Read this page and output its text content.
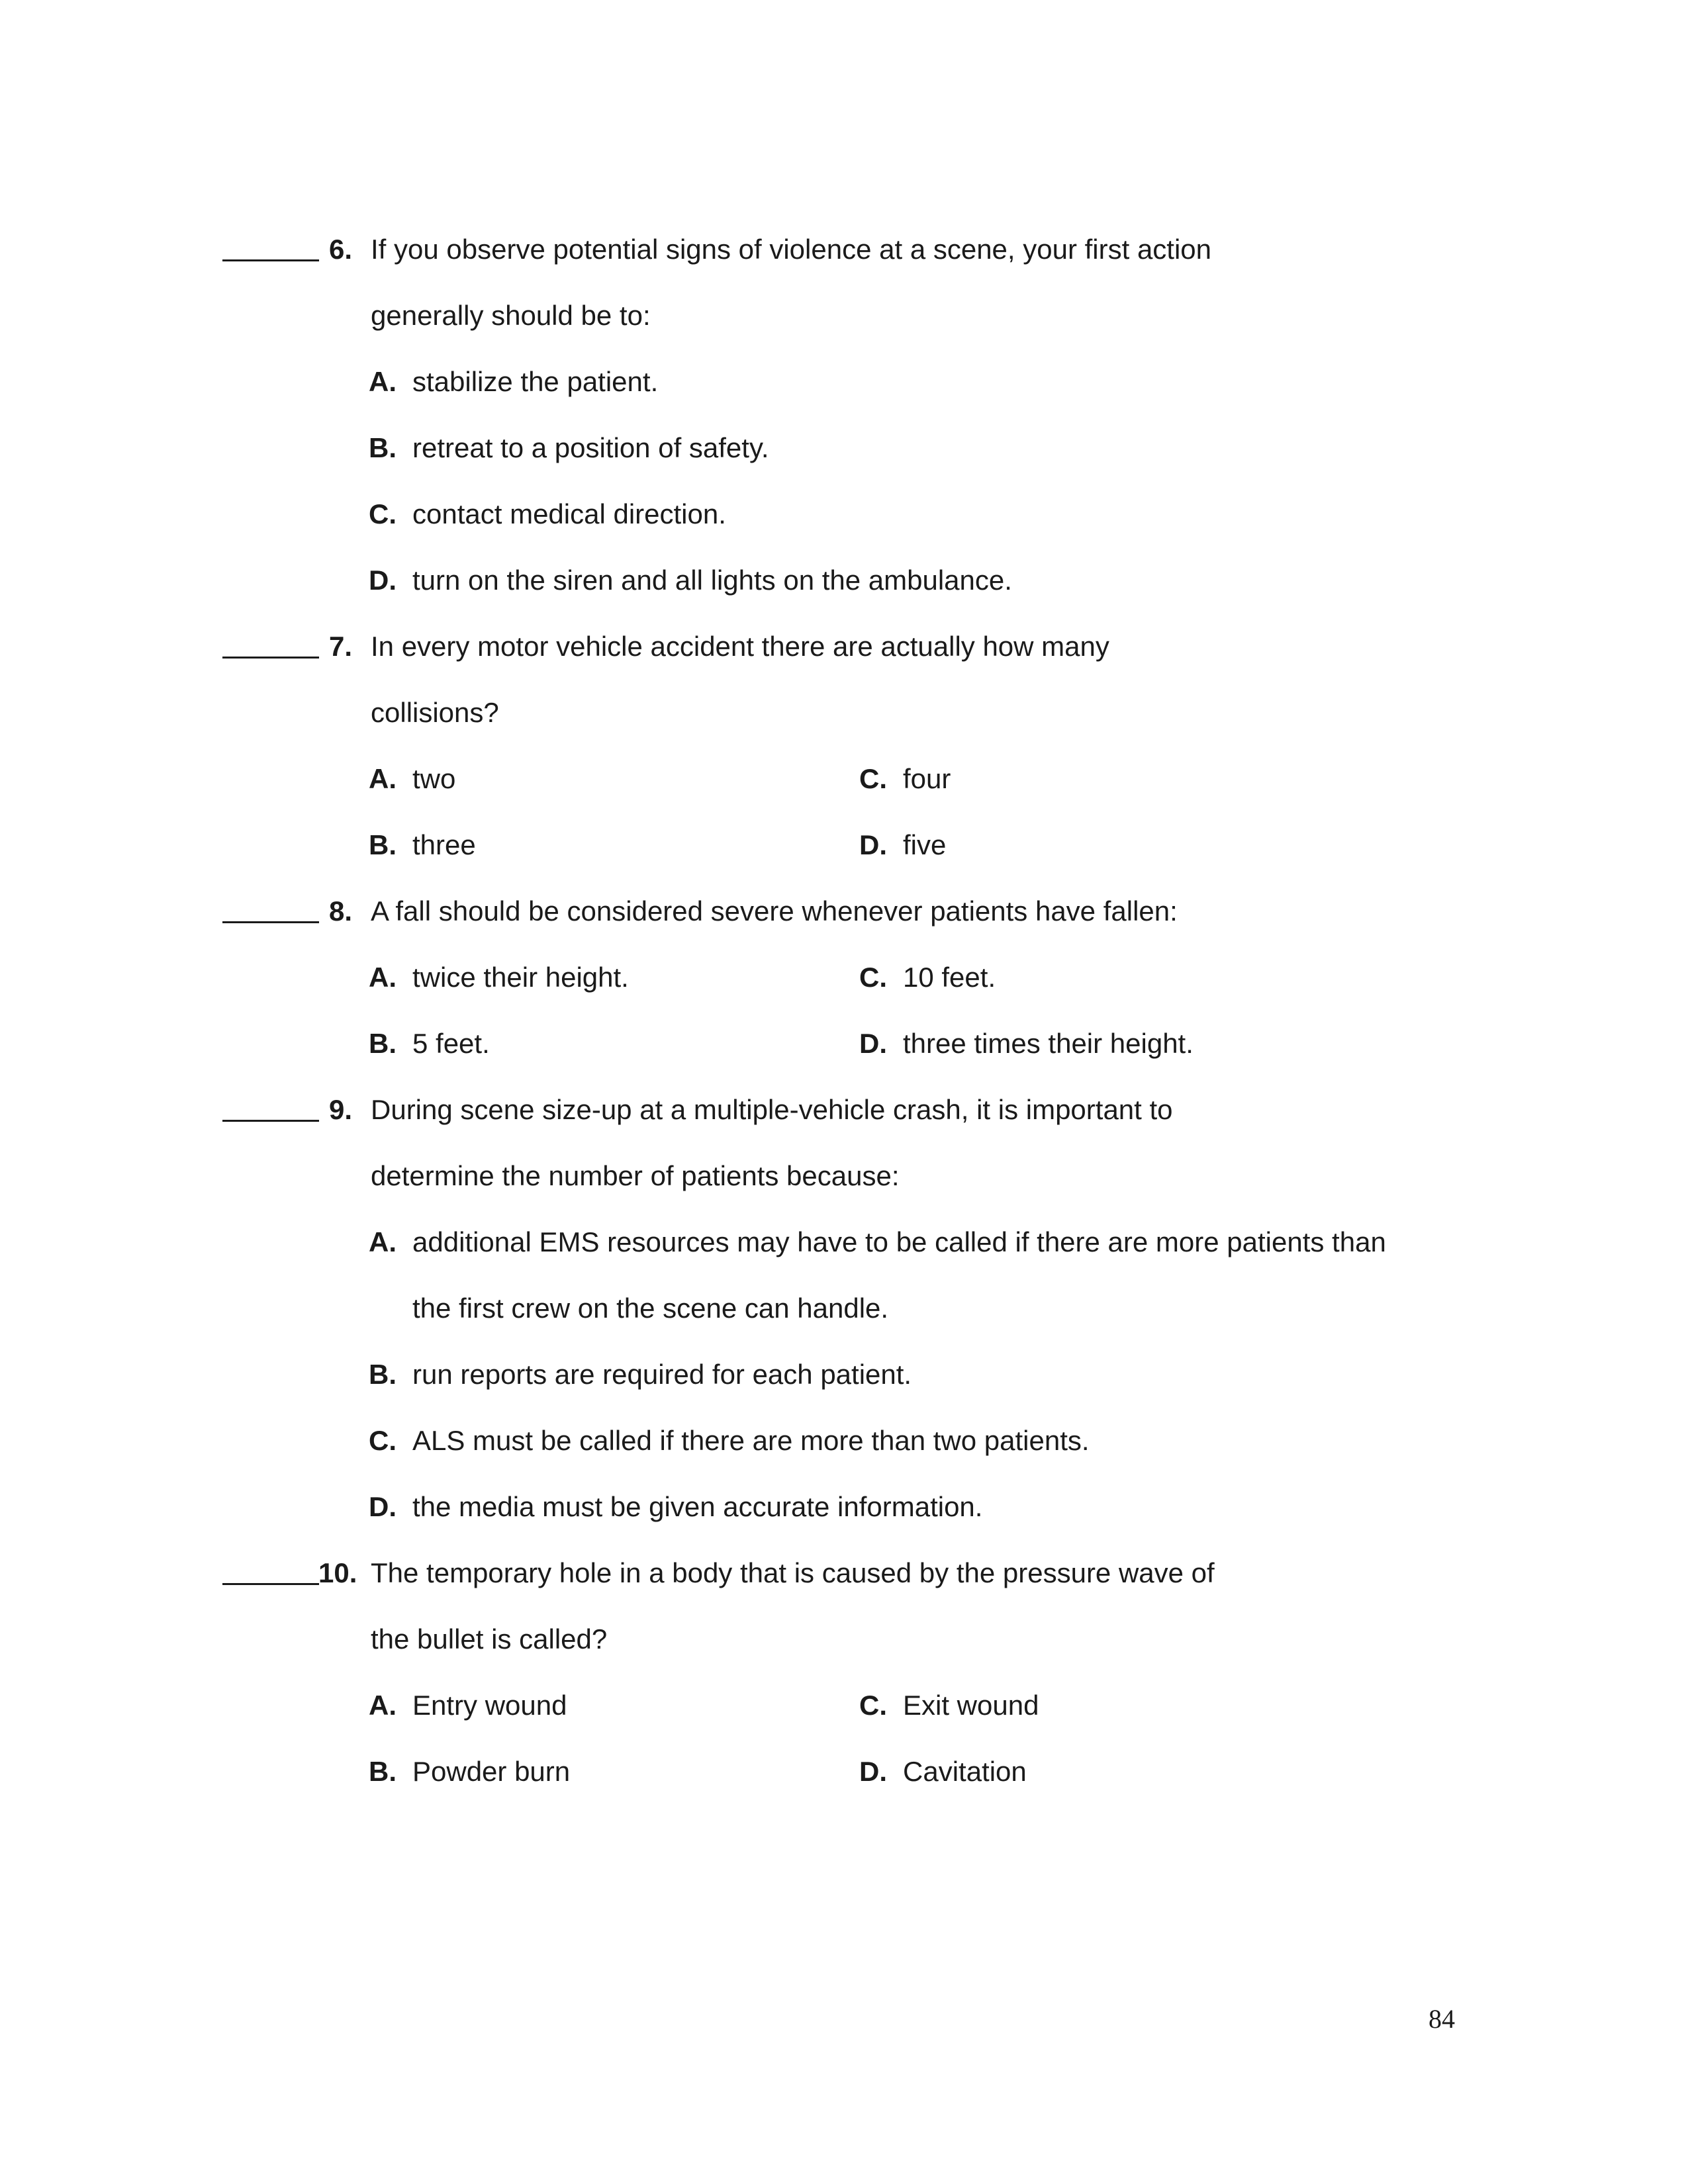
6. If you observe potential signs of violence at a scene, your first action
generally should be to:
A. stabilize the patient.
B. retreat to a position of safety.
C. contact medical direction.
D. turn on the siren and all lights on the ambulance.
7. In every motor vehicle accident there are actually how many
collisions?
A. two	C. four
B. three	D. five
8. A fall should be considered severe whenever patients have fallen:
A. twice their height.	C. 10 feet.
B. 5 feet.	D. three times their height.
9. During scene size-up at a multiple-vehicle crash, it is important to
determine the number of patients because:
A. additional EMS resources may have to be called if there are more patients than
the first crew on the scene can handle.
B. run reports are required for each patient.
C. ALS must be called if there are more than two patients.
D. the media must be given accurate information.
10. The temporary hole in a body that is caused by the pressure wave of
the bullet is called?
A. Entry wound	C. Exit wound
B. Powder burn	D. Cavitation
84
